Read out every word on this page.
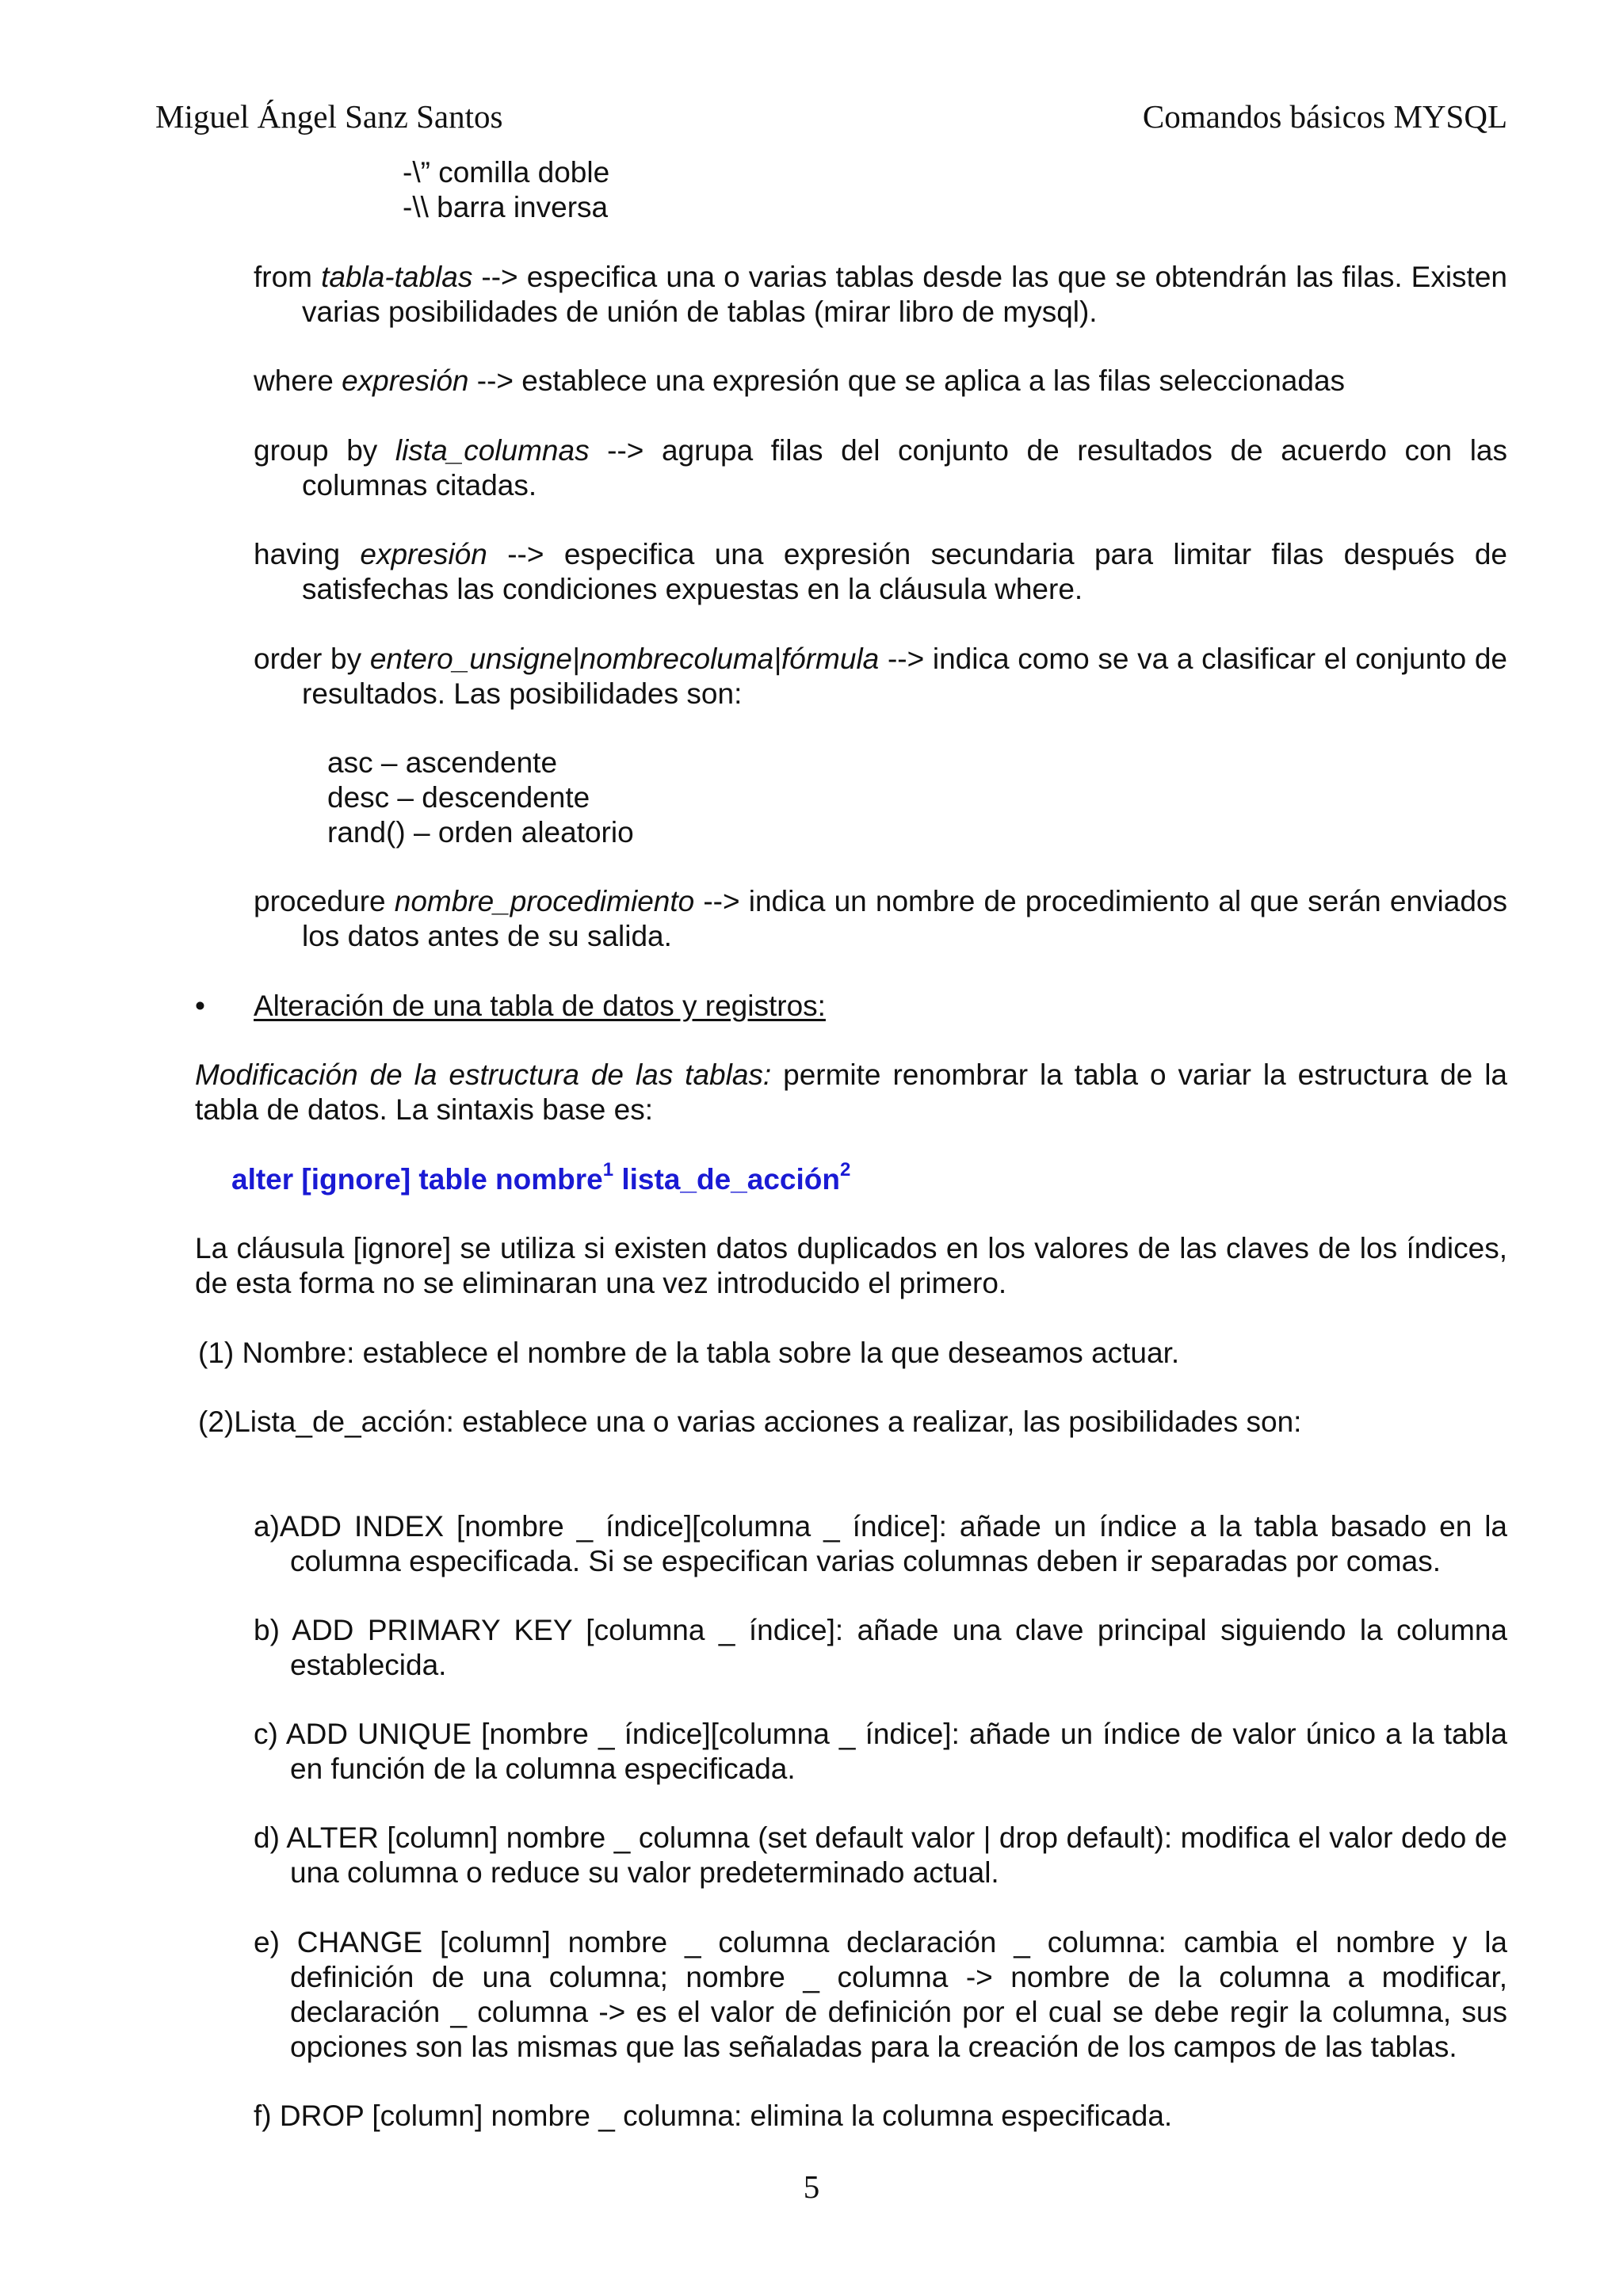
Miguel Ángel Sanz Santos	Comandos básicos MYSQL
-\” comilla doble
-\\ barra inversa
from tabla-tablas --> especifica una o varias tablas desde las que se obtendrán las filas. Existen varias posibilidades de unión de tablas (mirar libro de mysql).
where expresión --> establece una expresión que se aplica a las filas seleccionadas
group by lista_columnas --> agrupa filas del conjunto de resultados de acuerdo con las columnas citadas.
having expresión --> especifica una expresión secundaria para limitar filas después de satisfechas las condiciones expuestas en la cláusula where.
order by entero_unsigne|nombrecoluma|fórmula --> indica como se va a clasificar el conjunto de resultados. Las posibilidades son:
asc – ascendente
desc – descendente
rand() – orden aleatorio
procedure nombre_procedimiento --> indica un nombre de procedimiento al que serán enviados los datos antes de su salida.
• Alteración de una tabla de datos y registros:
Modificación de la estructura de las tablas: permite renombrar la tabla o variar la estructura de la tabla de datos. La sintaxis base es:
alter [ignore] table nombre$^1$ lista_de_acción$^2$
La cláusula [ignore] se utiliza si existen datos duplicados en los valores de las claves de los índices, de esta forma no se eliminaran una vez introducido el primero.
(1) Nombre: establece el nombre de la tabla sobre la que deseamos actuar.
(2)Lista_de_acción: establece una o varias acciones a realizar, las posibilidades son:
a)ADD INDEX [nombre _ índice][columna _ índice]: añade un índice a la tabla basado en la columna especificada. Si se especifican varias columnas deben ir separadas por comas.
b) ADD PRIMARY KEY [columna _ índice]: añade una clave principal siguiendo la columna establecida.
c) ADD UNIQUE [nombre _ índice][columna _ índice]: añade un índice de valor único a la tabla en función de la columna especificada.
d) ALTER [column] nombre _ columna (set default valor | drop default): modifica el valor dedo de una columna o reduce su valor predeterminado actual.
e) CHANGE [column] nombre _ columna declaración _ columna: cambia el nombre y la definición de una columna; nombre _ columna -> nombre de la columna a modificar, declaración _ columna -> es el valor de definición por el cual se debe regir la columna, sus opciones son las mismas que las señaladas para la creación de los campos de las tablas.
f) DROP [column] nombre _ columna: elimina la columna especificada.
5
